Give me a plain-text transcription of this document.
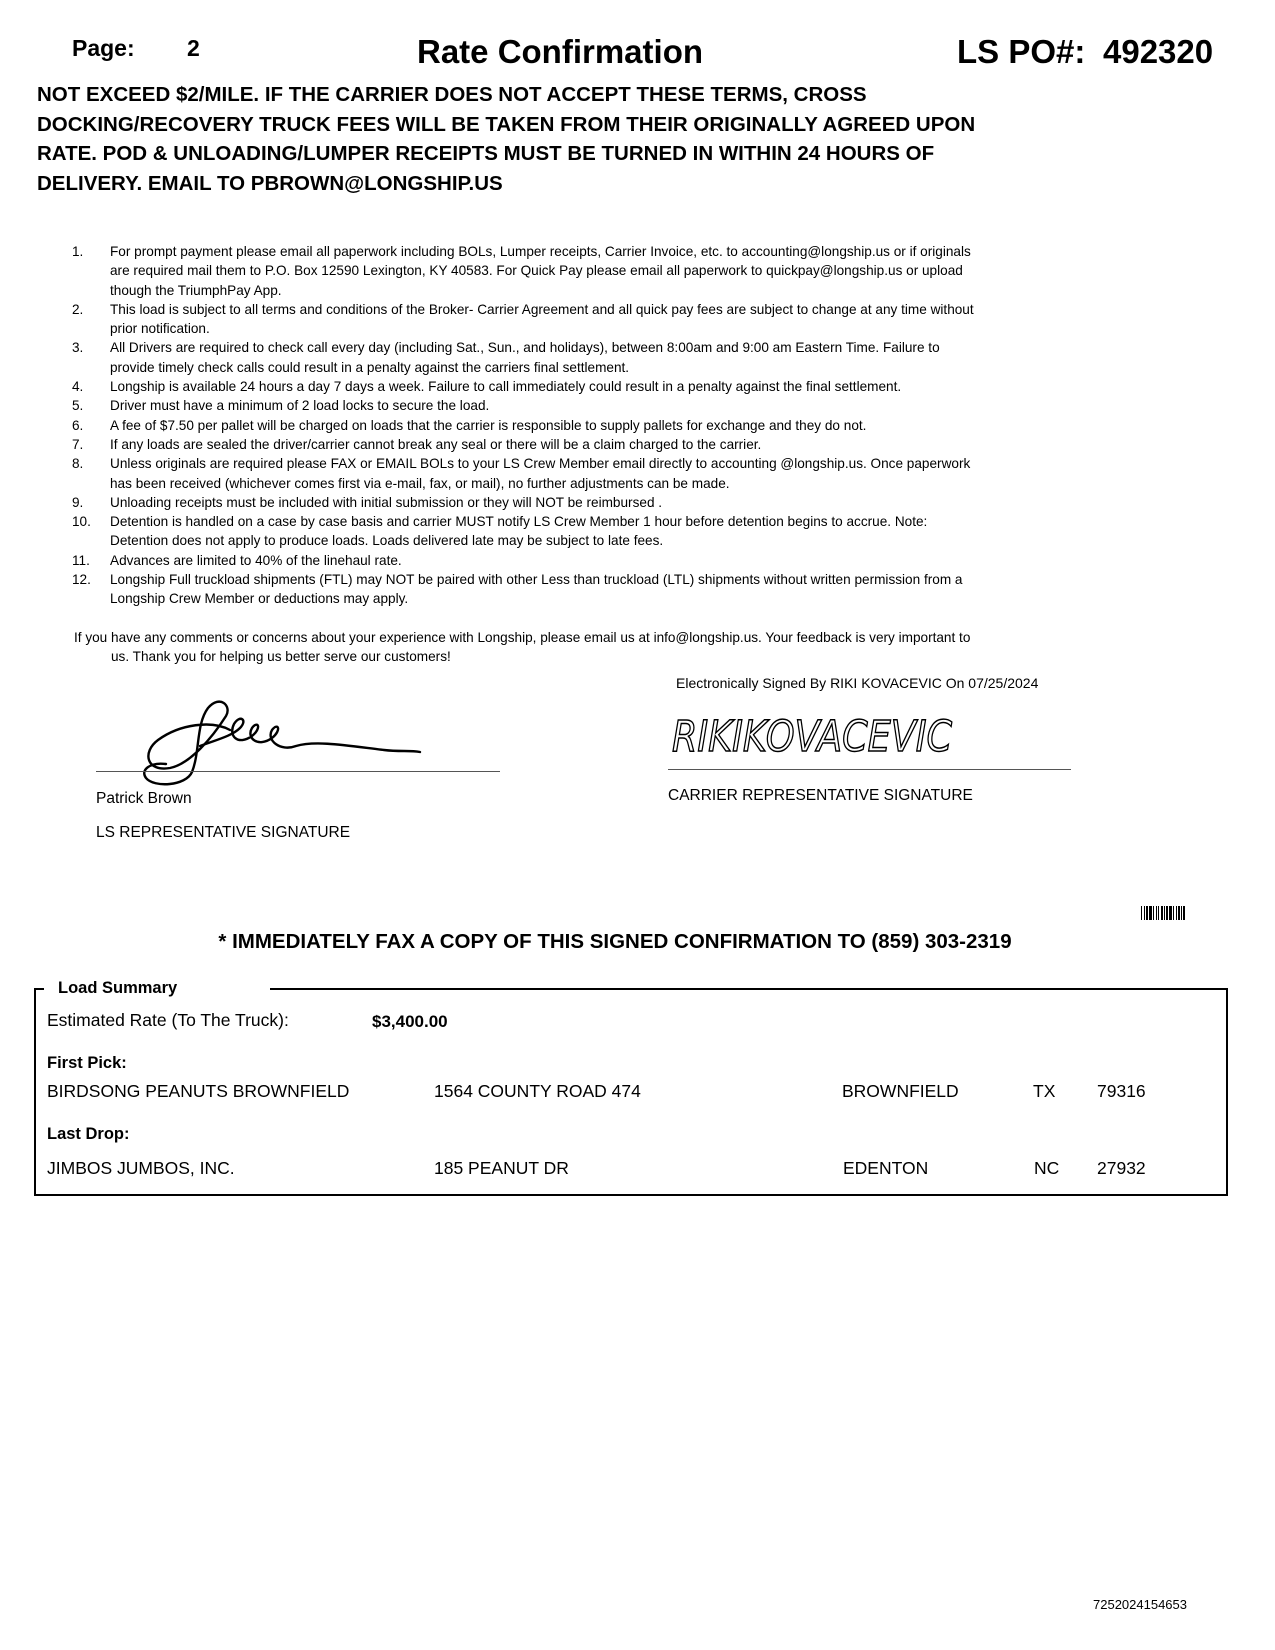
Page: 2	Rate Confirmation	LS PO#: 492320
NOT EXCEED $2/MILE. IF THE CARRIER DOES NOT ACCEPT THESE TERMS, CROSS
DOCKING/RECOVERY TRUCK FEES WILL BE TAKEN FROM THEIR ORIGINALLY AGREED UPON
RATE. POD & UNLOADING/LUMPER RECEIPTS MUST BE TURNED IN WITHIN 24 HOURS OF
DELIVERY. EMAIL TO PBROWN@LONGSHIP.US
1. For prompt payment please email all paperwork including BOLs, Lumper receipts, Carrier Invoice, etc. to accounting@longship.us or if originals
are required mail them to P.O. Box 12590 Lexington, KY 40583. For Quick Pay please email all paperwork to quickpay@longship.us or upload
though the TriumphPay App.
2. This load is subject to all terms and conditions of the Broker- Carrier Agreement and all quick pay fees are subject to change at any time without
prior notification.
3. All Drivers are required to check call every day (including Sat., Sun., and holidays), between 8:00am and 9:00 am Eastern Time. Failure to
provide timely check calls could result in a penalty against the carriers final settlement.
4. Longship is available 24 hours a day 7 days a week. Failure to call immediately could result in a penalty against the final settlement.
5. Driver must have a minimum of 2 load locks to secure the load.
6. A fee of $7.50 per pallet will be charged on loads that the carrier is responsible to supply pallets for exchange and they do not.
7. If any loads are sealed the driver/carrier cannot break any seal or there will be a claim charged to the carrier.
8. Unless originals are required please FAX or EMAIL BOLs to your LS Crew Member email directly to accounting @longship.us. Once paperwork
has been received (whichever comes first via e-mail, fax, or mail), no further adjustments can be made.
9. Unloading receipts must be included with initial submission or they will NOT be reimbursed .
10. Detention is handled on a case by case basis and carrier MUST notify LS Crew Member 1 hour before detention begins to accrue. Note:
Detention does not apply to produce loads. Loads delivered late may be subject to late fees.
11. Advances are limited to 40% of the linehaul rate.
12. Longship Full truckload shipments (FTL) may NOT be paired with other Less than truckload (LTL) shipments without written permission from a
Longship Crew Member or deductions may apply.
If you have any comments or concerns about your experience with Longship, please email us at info@longship.us. Your feedback is very important to
us. Thank you for helping us better serve our customers!
Electronically Signed By RIKI KOVACEVIC On 07/25/2024
Patrick Brown
LS REPRESENTATIVE SIGNATURE
RIKIKOVACEVIC
CARRIER REPRESENTATIVE SIGNATURE
* IMMEDIATELY FAX A COPY OF THIS SIGNED CONFIRMATION TO (859) 303-2319
Load Summary
Estimated Rate (To The Truck):	$3,400.00
First Pick:
BIRDSONG PEANUTS BROWNFIELD	1564 COUNTY ROAD 474	BROWNFIELD	TX 79316
Last Drop:
JIMBOS JUMBOS, INC.	185 PEANUT DR	EDENTON	NC 27932
7252024154653
